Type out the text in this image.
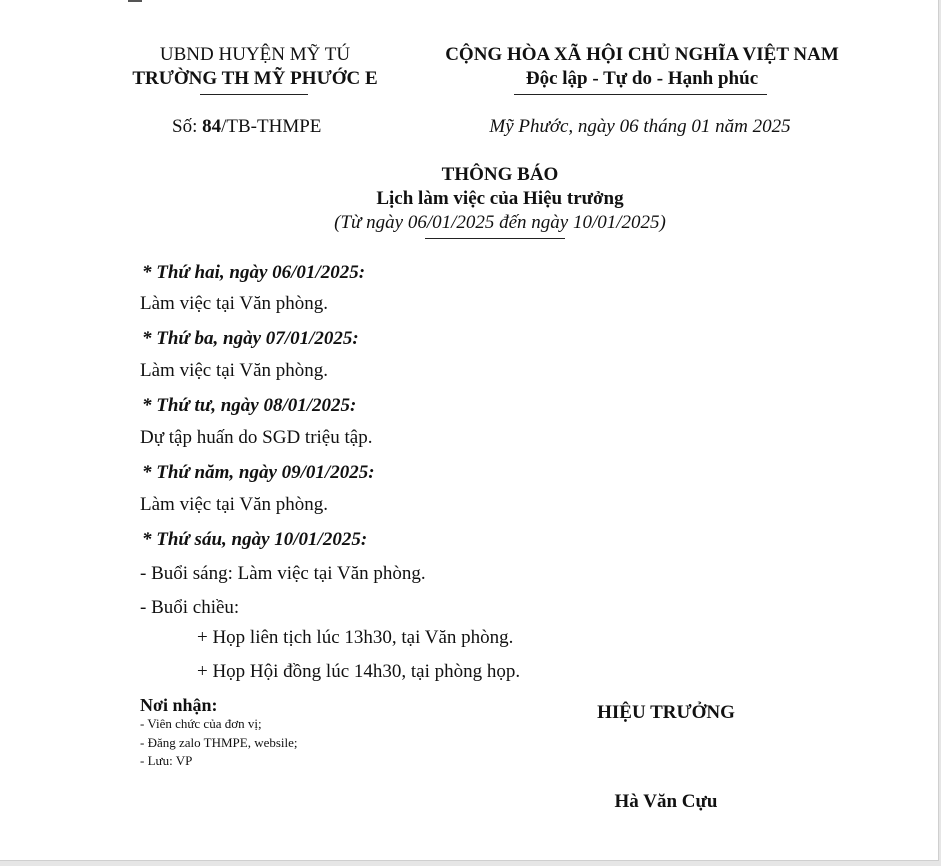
UBND HUYỆN MỸ TÚ
TRƯỜNG TH MỸ PHƯỚC E
CỘNG HÒA XÃ HỘI CHỦ NGHĨA VIỆT NAM
Độc lập - Tự do - Hạnh phúc
Số: 84/TB-THMPE	Mỹ Phước, ngày 06 tháng 01 năm 2025
THÔNG BÁO
Lịch làm việc của Hiệu trưởng
(Từ ngày 06/01/2025 đến ngày 10/01/2025)
* Thứ hai, ngày 06/01/2025:
Làm việc tại Văn phòng.
* Thứ ba, ngày 07/01/2025:
Làm việc tại Văn phòng.
* Thứ tư, ngày 08/01/2025:
Dự tập huấn do SGD triệu tập.
* Thứ năm, ngày 09/01/2025:
Làm việc tại Văn phòng.
* Thứ sáu, ngày 10/01/2025:
- Buổi sáng: Làm việc tại Văn phòng.
- Buổi chiều:
+ Họp liên tịch lúc 13h30, tại Văn phòng.
+ Họp Hội đồng lúc 14h30, tại phòng họp.
Nơi nhận:
- Viên chức của đơn vị;
- Đăng zalo THMPE, websile;
- Lưu: VP
HIỆU TRƯỞNG
Hà Văn Cựu
